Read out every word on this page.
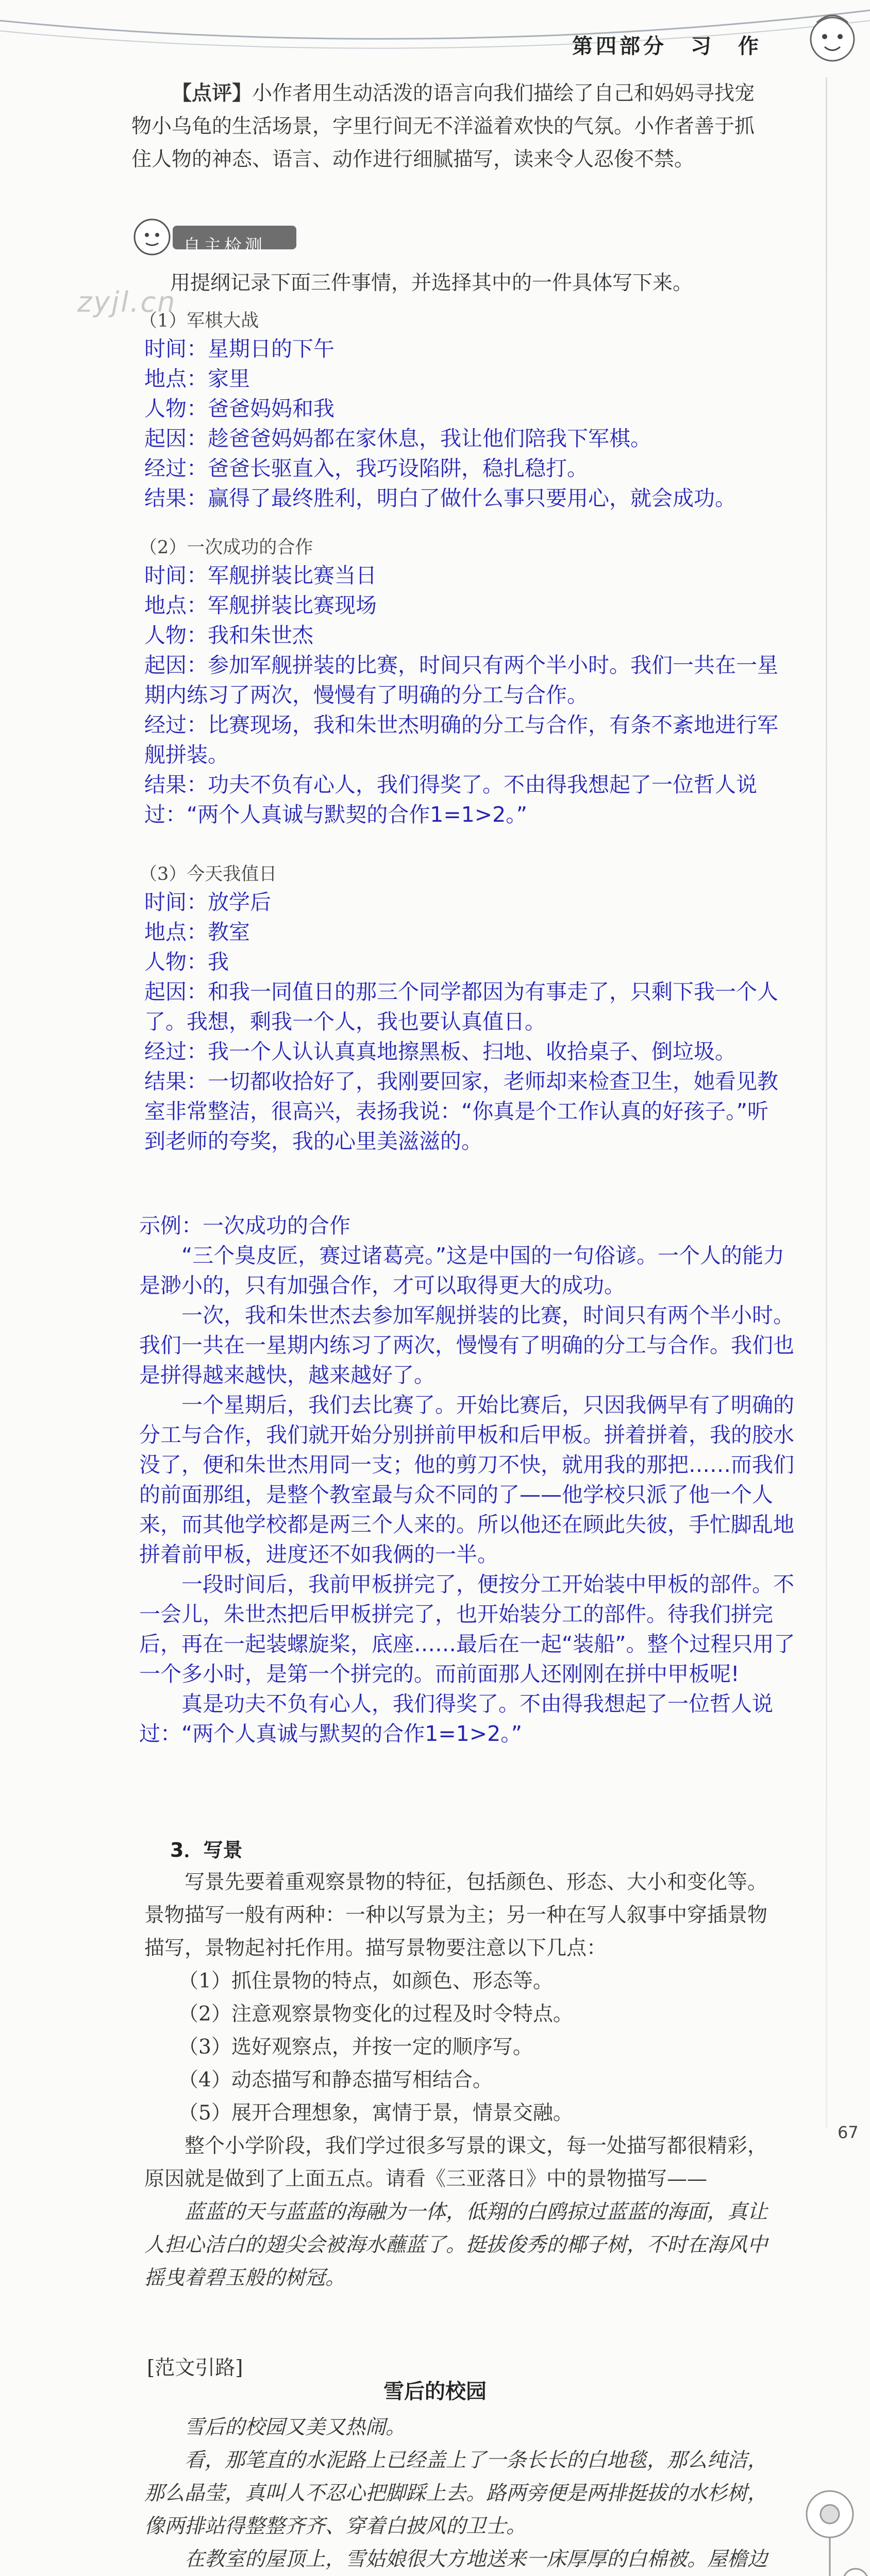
第四部分　习　作
【点评】小作者用生动活泼的语言向我们描绘了自己和妈妈寻找宠物小乌龟的生活场景，字里行间无不洋溢着欢快的气氛。小作者善于抓住人物的神态、语言、动作进行细腻描写，读来令人忍俊不禁。
自主检测
zyjl.cn
用提纲记录下面三件事情，并选择其中的一件具体写下来。
（1）军棋大战

时间：星期日的下午

地点：家里

人物：爸爸妈妈和我

起因：趁爸爸妈妈都在家休息，我让他们陪我下军棋。

经过：爸爸长驱直入，我巧设陷阱，稳扎稳打。

结果：赢得了最终胜利，明白了做什么事只要用心，就会成功。

（2）一次成功的合作

时间：军舰拼装比赛当日

地点：军舰拼装比赛现场

人物：我和朱世杰

起因：参加军舰拼装的比赛，时间只有两个半小时。我们一共在一星期内练习了两次，慢慢有了明确的分工与合作。

经过：比赛现场，我和朱世杰明确的分工与合作，有条不紊地进行军舰拼装。

结果：功夫不负有心人，我们得奖了。不由得我想起了一位哲人说过：“两个人真诚与默契的合作1=1>2。”

（3）今天我值日

时间：放学后

地点：教室

人物：我

起因：和我一同值日的那三个同学都因为有事走了，只剩下我一个人了。我想，剩我一个人，我也要认真值日。

经过：我一个人认认真真地擦黑板、扫地、收拾桌子、倒垃圾。

结果：一切都收拾好了，我刚要回家，老师却来检查卫生，她看见教室非常整洁，很高兴，表扬我说：“你真是个工作认真的好孩子。”听到老师的夸奖，我的心里美滋滋的。

示例：一次成功的合作

“三个臭皮匠，赛过诸葛亮。”这是中国的一句俗谚。一个人的能力是渺小的，只有加强合作，才可以取得更大的成功。

一次，我和朱世杰去参加军舰拼装的比赛，时间只有两个半小时。我们一共在一星期内练习了两次，慢慢有了明确的分工与合作。我们也是拼得越来越快，越来越好了。

一个星期后，我们去比赛了。开始比赛后，只因我俩早有了明确的分工与合作，我们就开始分别拼前甲板和后甲板。拼着拼着，我的胶水没了，便和朱世杰用同一支；他的剪刀不快，就用我的那把……而我们的前面那组，是整个教室最与众不同的了——他学校只派了他一个人来，而其他学校都是两三个人来的。所以他还在顾此失彼，手忙脚乱地拼着前甲板，进度还不如我俩的一半。

一段时间后，我前甲板拼完了，便按分工开始装中甲板的部件。不一会儿，朱世杰把后甲板拼完了，也开始装分工的部件。待我们拼完后，再在一起装螺旋桨，底座……最后在一起“装船”。整个过程只用了一个多小时，是第一个拼完的。而前面那人还刚刚在拼中甲板呢!

真是功夫不负有心人，我们得奖了。不由得我想起了一位哲人说过：“两个人真诚与默契的合作1=1>2。”

3．写景

写景先要着重观察景物的特征，包括颜色、形态、大小和变化等。景物描写一般有两种：一种以写景为主；另一种在写人叙事中穿插景物描写，景物起衬托作用。描写景物要注意以下几点：

（1）抓住景物的特点，如颜色、形态等。

（2）注意观察景物变化的过程及时令特点。

（3）选好观察点，并按一定的顺序写。

（4）动态描写和静态描写相结合。

（5）展开合理想象，寓情于景，情景交融。

整个小学阶段，我们学过很多写景的课文，每一处描写都很精彩，原因就是做到了上面五点。请看《三亚落日》中的景物描写——

蓝蓝的天与蓝蓝的海融为一体，低翔的白鸥掠过蓝蓝的海面，真让人担心洁白的翅尖会被海水蘸蓝了。挺拔俊秀的椰子树，不时在海风中摇曳着碧玉般的树冠。

67
[范文引路]
雪后的校园

雪后的校园又美又热闹。

看，那笔直的水泥路上已经盖上了一条长长的白地毯，那么纯洁，那么晶莹，真叫人不忍心把脚踩上去。路两旁便是两排挺拔的水杉树，像两排站得整整齐齐、穿着白披风的卫士。

在教室的屋顶上，雪姑娘很大方地送来一床厚厚的白棉被。屋檐边
